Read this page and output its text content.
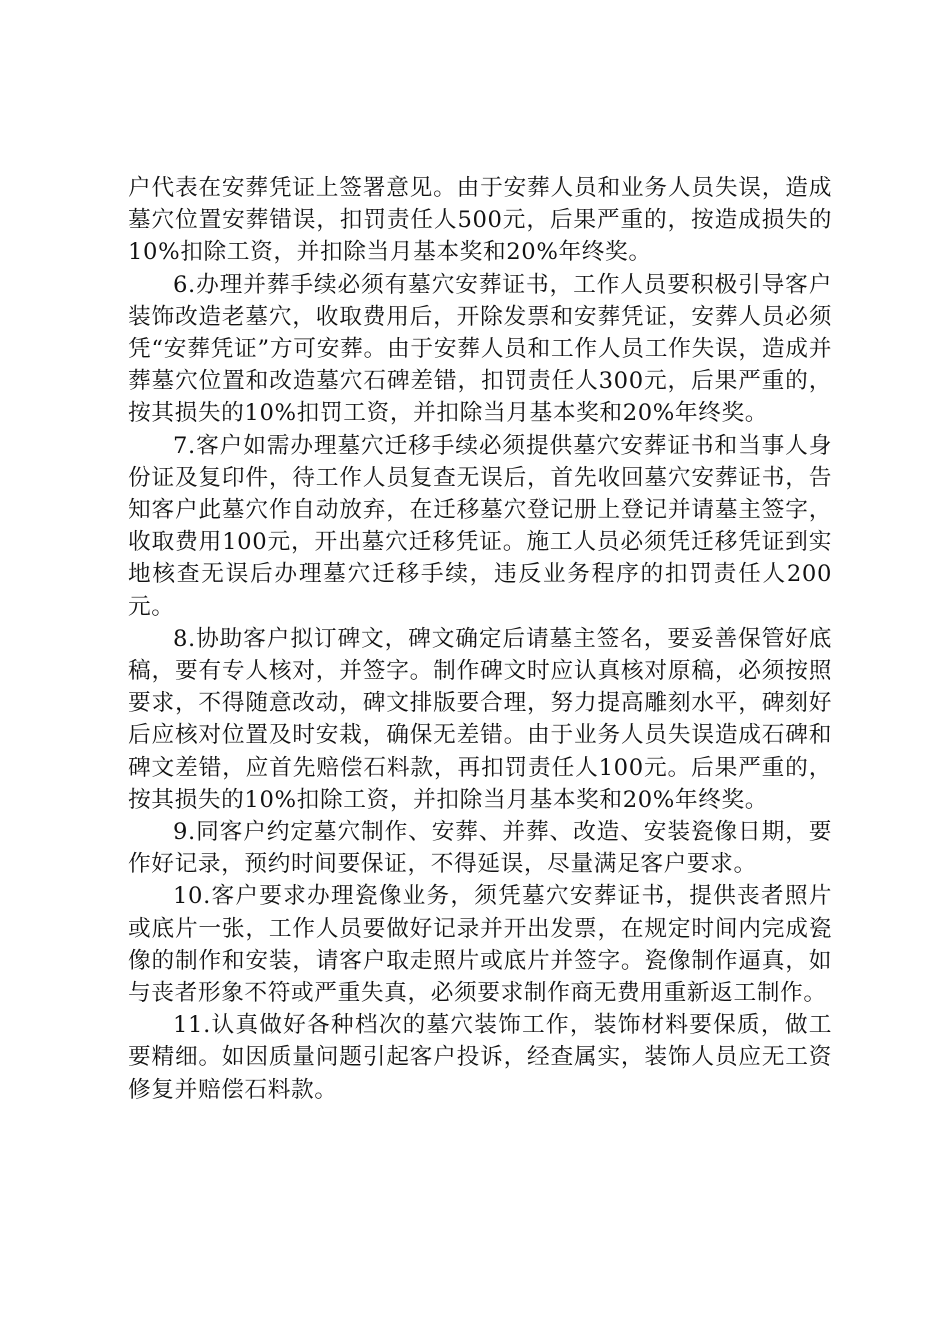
户代表在安葬凭证上签署意见。由于安葬人员和业务人员失误，造成墓穴位置安葬错误，扣罚责任人500元，后果严重的，按造成损失的10%扣除工资，并扣除当月基本奖和20%年终奖。

6.办理并葬手续必须有墓穴安葬证书，工作人员要积极引导客户装饰改造老墓穴，收取费用后，开除发票和安葬凭证，安葬人员必须凭“安葬凭证”方可安葬。由于安葬人员和工作人员工作失误，造成并葬墓穴位置和改造墓穴石碑差错，扣罚责任人300元，后果严重的，按其损失的10%扣罚工资，并扣除当月基本奖和20%年终奖。

7.客户如需办理墓穴迁移手续必须提供墓穴安葬证书和当事人身份证及复印件，待工作人员复查无误后，首先收回墓穴安葬证书，告知客户此墓穴作自动放弃，在迁移墓穴登记册上登记并请墓主签字，收取费用100元，开出墓穴迁移凭证。施工人员必须凭迁移凭证到实地核查无误后办理墓穴迁移手续，违反业务程序的扣罚责任人200元。

8.协助客户拟订碑文，碑文确定后请墓主签名，要妥善保管好底稿，要有专人核对，并签字。制作碑文时应认真核对原稿，必须按照要求，不得随意改动，碑文排版要合理，努力提高雕刻水平，碑刻好后应核对位置及时安栽，确保无差错。由于业务人员失误造成石碑和碑文差错，应首先赔偿石料款，再扣罚责任人100元。后果严重的，按其损失的10%扣除工资，并扣除当月基本奖和20%年终奖。

9.同客户约定墓穴制作、安葬、并葬、改造、安装瓷像日期，要作好记录，预约时间要保证，不得延误，尽量满足客户要求。

10.客户要求办理瓷像业务，须凭墓穴安葬证书，提供丧者照片或底片一张，工作人员要做好记录并开出发票，在规定时间内完成瓷像的制作和安装，请客户取走照片或底片并签字。瓷像制作逼真，如与丧者形象不符或严重失真，必须要求制作商无费用重新返工制作。

11.认真做好各种档次的墓穴装饰工作，装饰材料要保质，做工要精细。如因质量问题引起客户投诉，经查属实，装饰人员应无工资修复并赔偿石料款。
